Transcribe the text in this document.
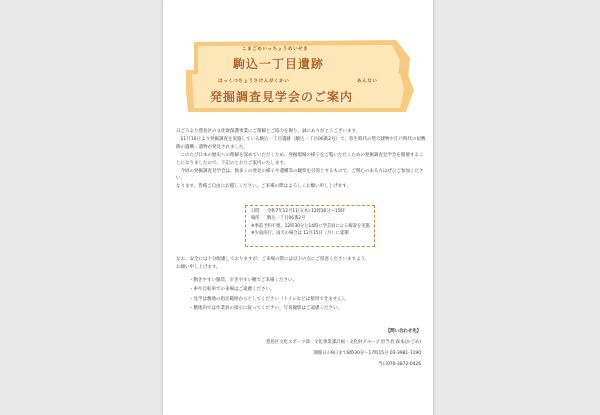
こまごめいっちょうめいせき
駒込一丁目遺跡
はっくつちょうさけんがくかい	あんない
発掘調査見学会のご案内

日ごろより豊島区の文化財保護事業にご理解とご協力を賜り、誠にありがとうございます。

　11月10日より発掘調査を実施している駒込一丁目遺跡（駒込一丁目06番2号）で、弥生時代の竪穴建物や江戸時代の屋敷跡の遺構・遺物が発見されました。

　このたび日本の歴史への理解を深めていただくため、発掘現場の様子をご覧いただくための発掘調査見学会を開催することになりましたので、下記のとおりご案内いたします。

　今回の発掘調査見学会は、数多くの発見の様子や遺構等の観察を目的とするもので、ご関心のある方はぜひご参加ください。

なります。皆様ご自由にお越しください。ご来場の際はよろしくお願い申し上げます。

日時 令和7年12月11日(木) 12時30分～15時
場所 駒込一丁目06番2号
※事前予約不要。12時30分と14時に学芸員による解説を実施
※少雨決行。雨天の場合は 12月15日（月）に延期

なお、安全には十分配慮しておりますが、ご来場の際には以下の点にご留意くださいますよう、

お願い申し上げます。

・ 動きやすい服装、歩きやすい靴でご来場ください。
・ 車や自転車での来場はご遠慮ください。
・ 見学は敷地の指定範囲からとしてください（トイレなどは使用できません）。
・ 敷地内では作業員の指示に従ってください。写真撮影はご遠慮ください。
【問い合わせ先】
豊島区文化スポーツ部　文化事業課計画・文化財グループ 担当者 森本(かごめ)
開館日の9日まで8時30分～17時15分 03-3981-1190
当日070-3872-0426
